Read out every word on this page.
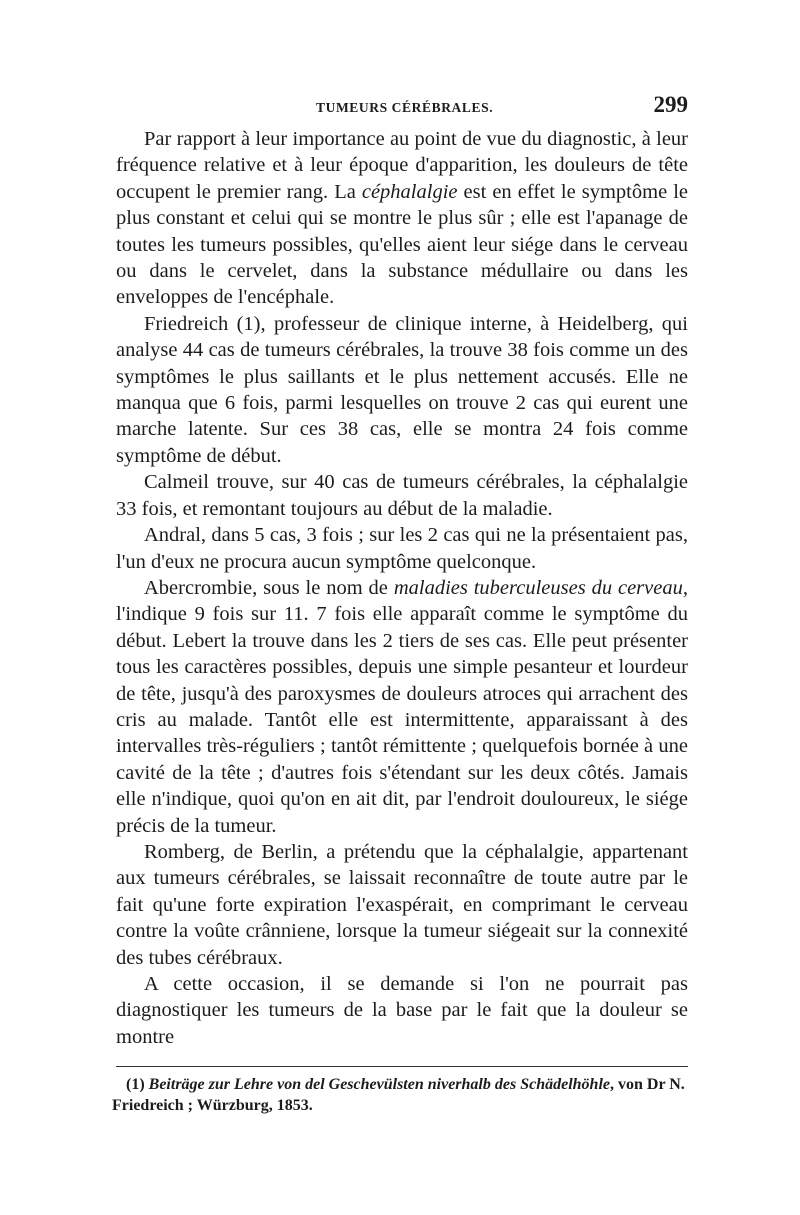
TUMEURS CÉRÉBRALES.	299

Par rapport à leur importance au point de vue du diagnostic, à leur fréquence relative et à leur époque d'apparition, les douleurs de tête occupent le premier rang. La céphalalgie est en effet le symptôme le plus constant et celui qui se montre le plus sûr ; elle est l'apanage de toutes les tumeurs possibles, qu'elles aient leur siége dans le cerveau ou dans le cervelet, dans la substance médullaire ou dans les enveloppes de l'encéphale.

Friedreich (1), professeur de clinique interne, à Heidelberg, qui analyse 44 cas de tumeurs cérébrales, la trouve 38 fois comme un des symptômes le plus saillants et le plus nettement accusés. Elle ne manqua que 6 fois, parmi lesquelles on trouve 2 cas qui eurent une marche latente. Sur ces 38 cas, elle se montra 24 fois comme symptôme de début.

Calmeil trouve, sur 40 cas de tumeurs cérébrales, la céphalalgie 33 fois, et remontant toujours au début de la maladie.

Andral, dans 5 cas, 3 fois ; sur les 2 cas qui ne la présentaient pas, l'un d'eux ne procura aucun symptôme quelconque.

Abercrombie, sous le nom de maladies tuberculeuses du cerveau, l'indique 9 fois sur 11. 7 fois elle apparaît comme le symptôme du début. Lebert la trouve dans les 2 tiers de ses cas. Elle peut présenter tous les caractères possibles, depuis une simple pesanteur et lourdeur de tête, jusqu'à des paroxysmes de douleurs atroces qui arrachent des cris au malade. Tantôt elle est intermittente, apparaissant à des intervalles très-réguliers ; tantôt rémittente ; quelquefois bornée à une cavité de la tête ; d'autres fois s'étendant sur les deux côtés. Jamais elle n'indique, quoi qu'on en ait dit, par l'endroit douloureux, le siége précis de la tumeur.

Romberg, de Berlin, a prétendu que la céphalalgie, appartenant aux tumeurs cérébrales, se laissait reconnaître de toute autre par le fait qu'une forte expiration l'exaspérait, en comprimant le cerveau contre la voûte crânniene, lorsque la tumeur siégeait sur la connexité des tubes cérébraux.

A cette occasion, il se demande si l'on ne pourrait pas diagnostiquer les tumeurs de la base par le fait que la douleur se montre

(1) Beiträge zur Lehre von del Geschevülsten niverhalb des Schädelhöhle, von Dr N. Friedreich ; Würzburg, 1853.
